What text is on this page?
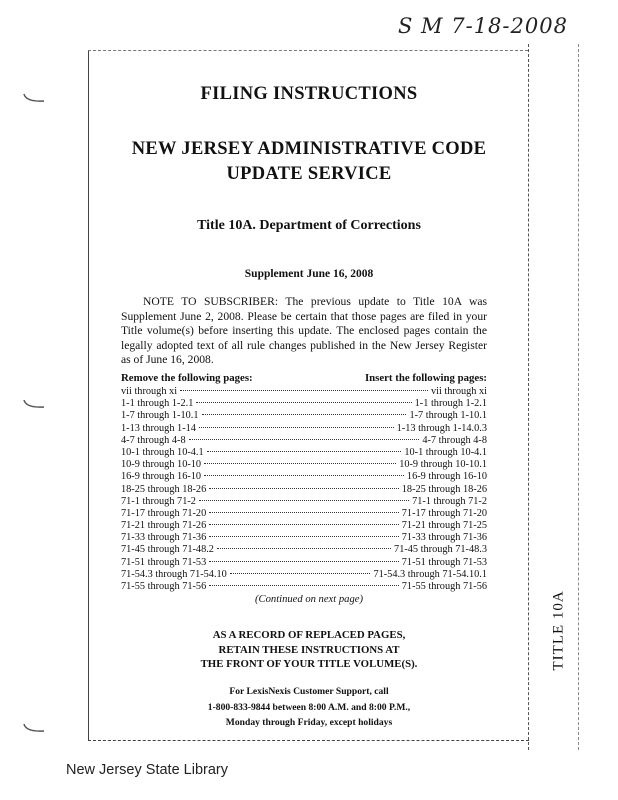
S M 7-18-2008
FILING INSTRUCTIONS
NEW JERSEY ADMINISTRATIVE CODE
UPDATE SERVICE
Title 10A. Department of Corrections
Supplement June 16, 2008
NOTE TO SUBSCRIBER: The previous update to Title 10A was Supplement June 2, 2008. Please be certain that those pages are filed in your Title volume(s) before inserting this update. The enclosed pages contain the legally adopted text of all rule changes published in the New Jersey Register as of June 16, 2008.
Remove the following pages:	Insert the following pages:
vii through xi	vii through xi
1-1 through 1-2.1	1-1 through 1-2.1
1-7 through 1-10.1	1-7 through 1-10.1
1-13 through 1-14	1-13 through 1-14.0.3
4-7 through 4-8	4-7 through 4-8
10-1 through 10-4.1	10-1 through 10-4.1
10-9 through 10-10	10-9 through 10-10.1
16-9 through 16-10	16-9 through 16-10
18-25 through 18-26	18-25 through 18-26
71-1 through 71-2	71-1 through 71-2
71-17 through 71-20	71-17 through 71-20
71-21 through 71-26	71-21 through 71-25
71-33 through 71-36	71-33 through 71-36
71-45 through 71-48.2	71-45 through 71-48.3
71-51 through 71-53	71-51 through 71-53
71-54.3 through 71-54.10	71-54.3 through 71-54.10.1
71-55 through 71-56	71-55 through 71-56
(Continued on next page)
AS A RECORD OF REPLACED PAGES,
RETAIN THESE INSTRUCTIONS AT
THE FRONT OF YOUR TITLE VOLUME(S).
For LexisNexis Customer Support, call
1-800-833-9844 between 8:00 A.M. and 8:00 P.M.,
Monday through Friday, except holidays
TITLE 10A
New Jersey State Library
